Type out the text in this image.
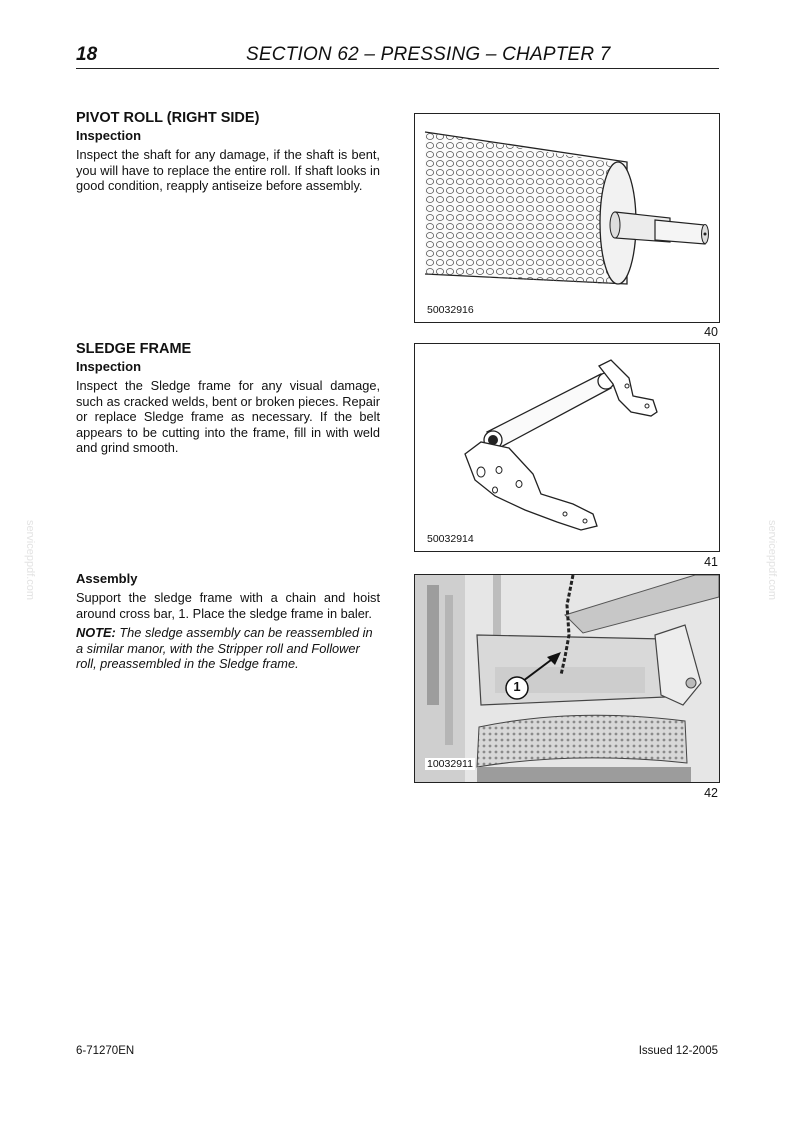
18	SECTION 62 – PRESSING – CHAPTER 7
PIVOT ROLL (RIGHT SIDE)
Inspection

Inspect the shaft for any damage, if the shaft is bent, you will have to replace the entire roll. If shaft looks in good condition, reapply antiseize before assembly.

SLEDGE FRAME
Inspection

Inspect the Sledge frame for any visual damage, such as cracked welds, bent or broken pieces. Repair or replace Sledge frame as necessary. If the belt appears to be cutting into the frame, fill in with weld and grind smooth.

Assembly

Support the sledge frame with a chain and hoist around cross bar, 1. Place the sledge frame in baler.

NOTE: The sledge assembly can be reassembled in a similar manor, with the Stripper roll and Follower roll, preassembled in the Sledge frame.

50032916
40
50032914
41
1
10032911
42
serviceppdf.com	serviceppdf.com
6-71270EN	Issued 12-2005
